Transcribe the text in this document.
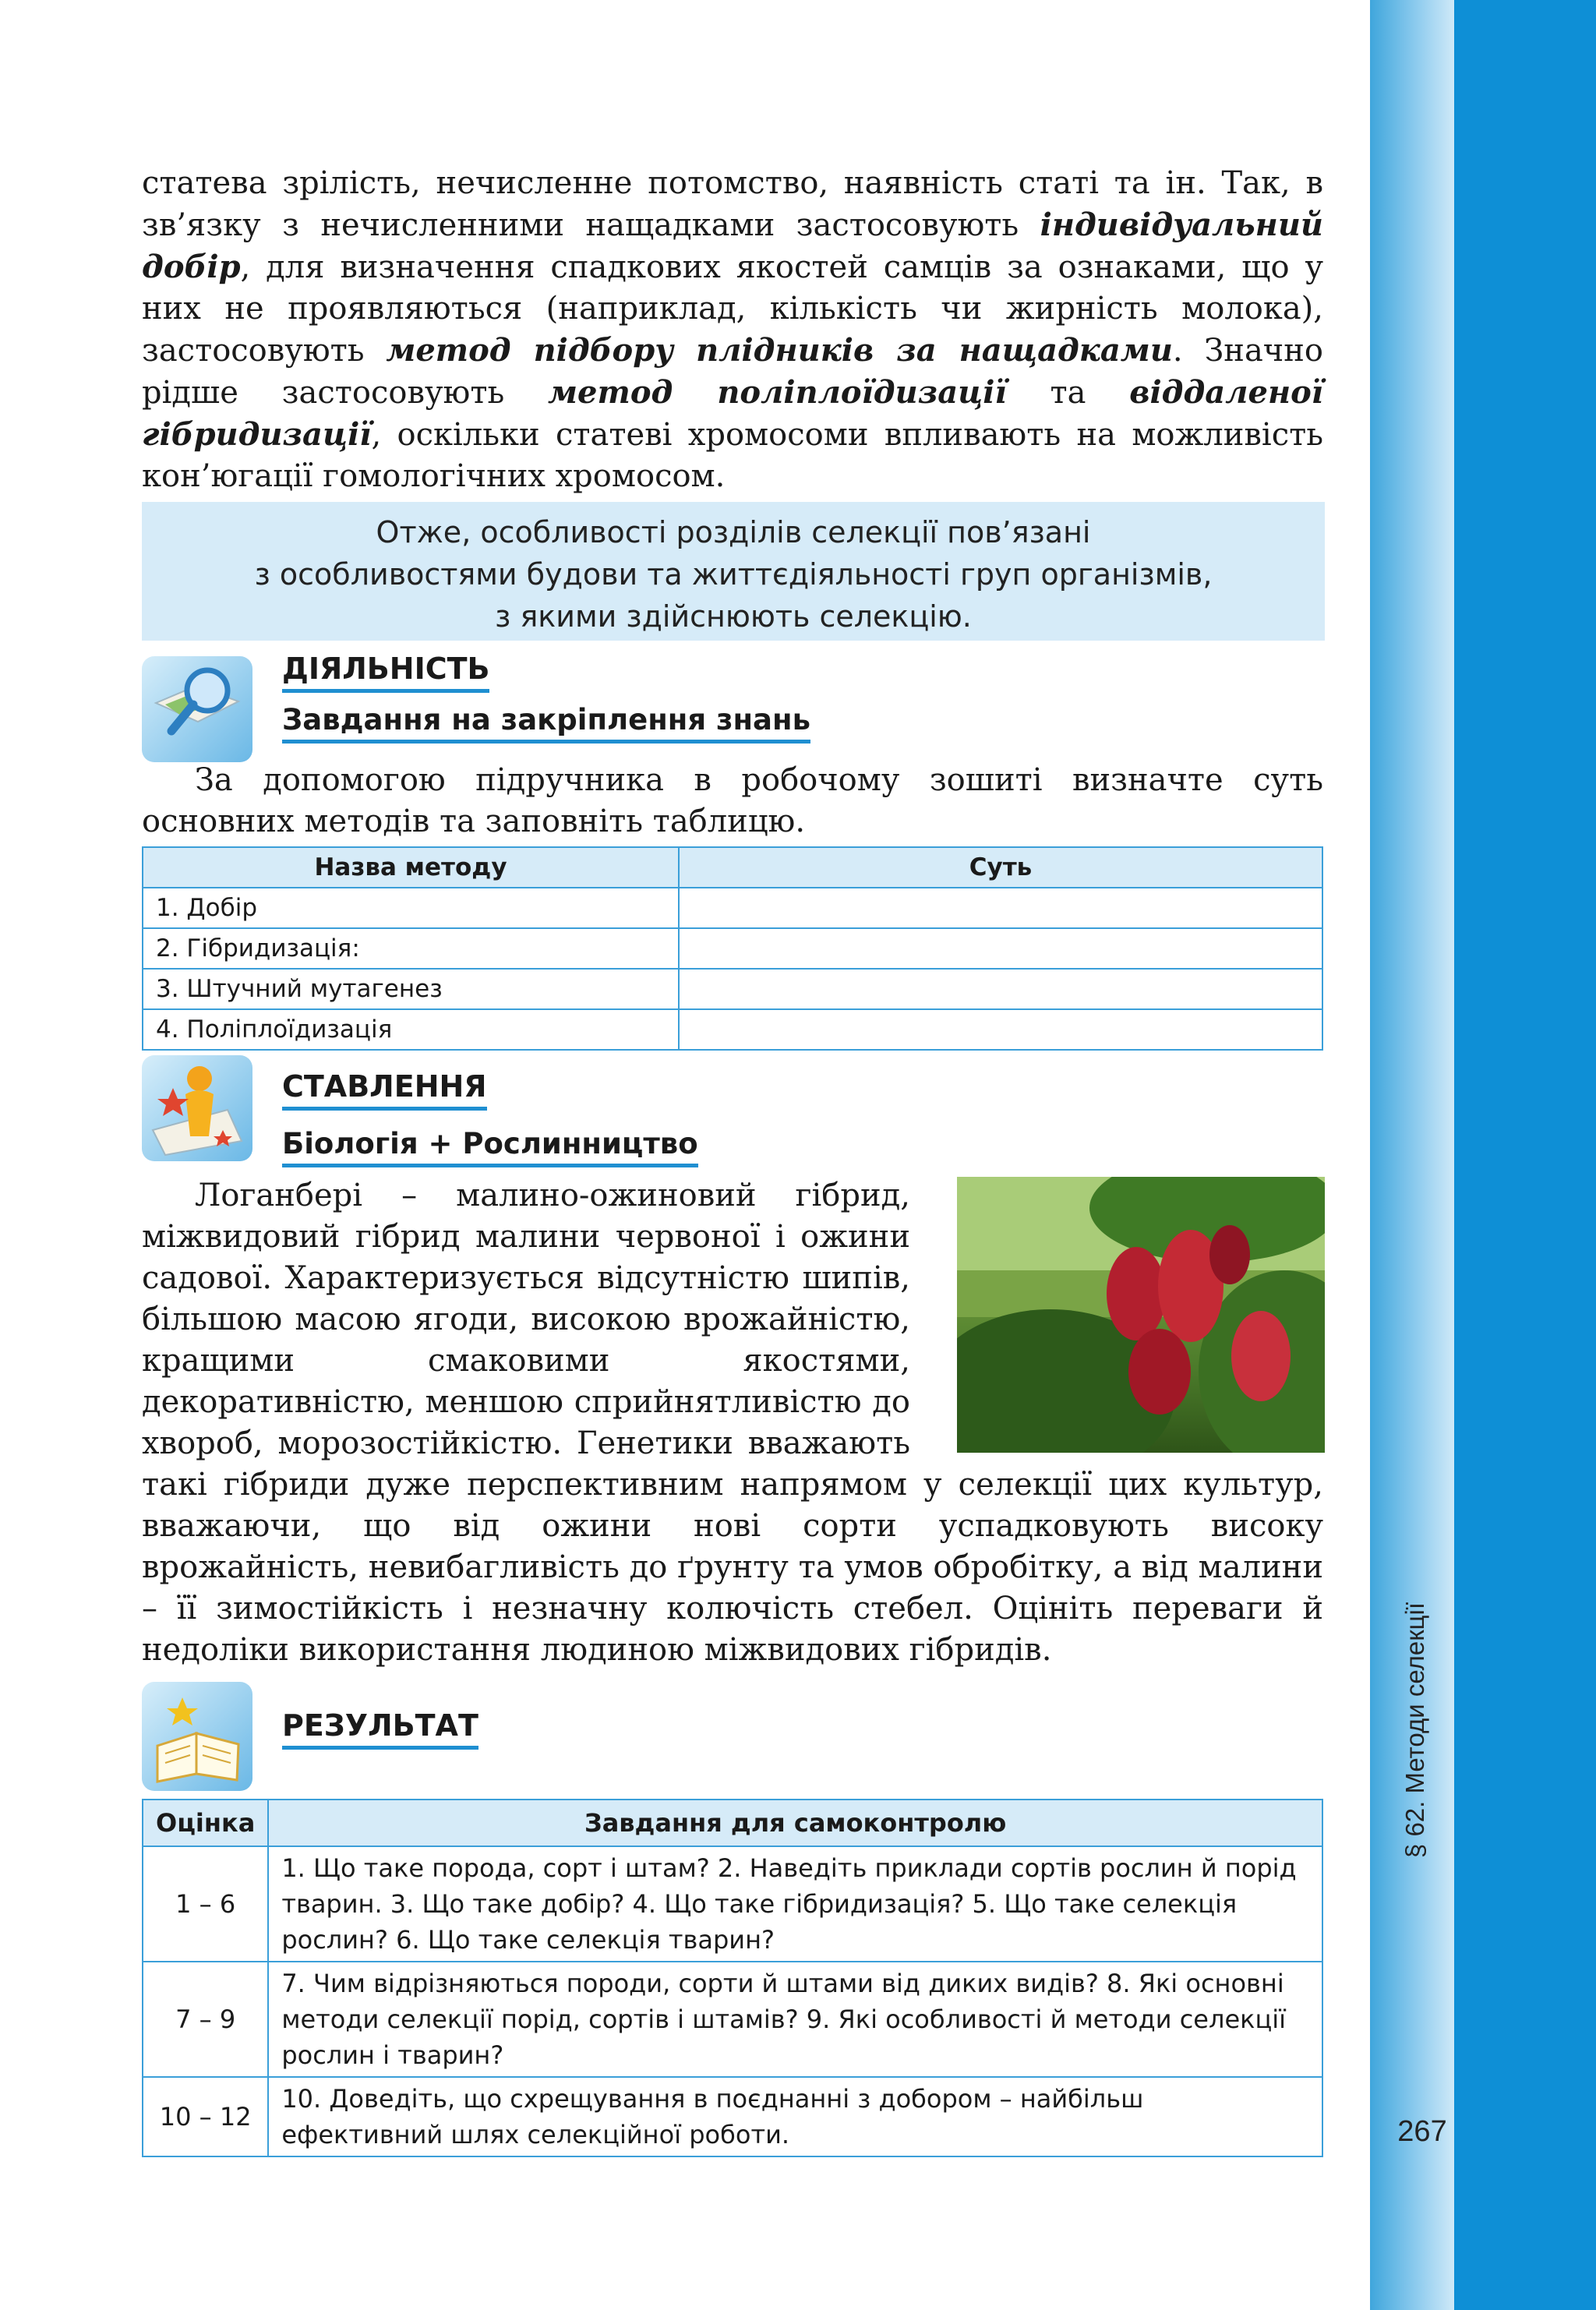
§ 62. Методи селекції
267

статева зрілість, нечисленне потомство, наявність статі та ін. Так, в зв’язку з нечисленними нащадками застосовують індивідуальний добір, для визначення спадкових якостей самців за ознаками, що у них не проявляються (наприклад, кількість чи жирність молока), застосовують метод підбору плідників за нащадками. Значно рідше застосовують метод поліплоїдизації та віддаленої гібридизації, оскільки статеві хромосоми впливають на можливість кон’югації гомологічних хромосом.

Отже, особливості розділів селекції пов’язані
з особливостями будови та життєдіяльності груп організмів,
з якими здійснюють селекцію.
ДІЯЛЬНІСТЬ
Завдання на закріплення знань

За допомогою підручника в робочому зошиті визначте суть основних методів та заповніть таблицю.

Назва методу	Суть
1. Добір	
2. Гібридизація:	
3. Штучний мутагенез	
4. Поліплоїдизація	
СТАВЛЕННЯ
Біологія + Рослинництво

Логанбері – малино-ожиновий гібрид, міжвидовий гібрид малини червоної і ожини садової. Характеризується відсутністю шипів, більшою масою ягоди, високою врожайністю, кращими смаковими якостями, декоративністю, меншою сприйнятливістю до хвороб, морозостійкістю. Генетики вважають такі гібриди дуже перспективним напрямом у селекції цих культур, вважаючи, що від ожини нові сорти успадковують високу врожайність, невибагливість до ґрунту та умов обробітку, а від малини – її зимостійкість і незначну колючість стебел. Оцініть переваги й недоліки використання людиною міжвидових гібридів.
РЕЗУЛЬТАТ
Оцінка	Завдання для самоконтролю
1 – 6	1. Що таке порода, сорт і штам? 2. Наведіть приклади сортів рослин й порід тварин. 3. Що таке добір? 4. Що таке гібридизація? 5. Що таке селекція рослин? 6. Що таке селекція тварин?
7 – 9	7. Чим відрізняються породи, сорти й штами від диких видів? 8. Які основні методи селекції порід, сортів і штамів? 9. Які особливості й методи селекції рослин і тварин?
10 – 12	10. Доведіть, що схрещування в поєднанні з добором – найбільш ефективний шлях селекційної роботи.
